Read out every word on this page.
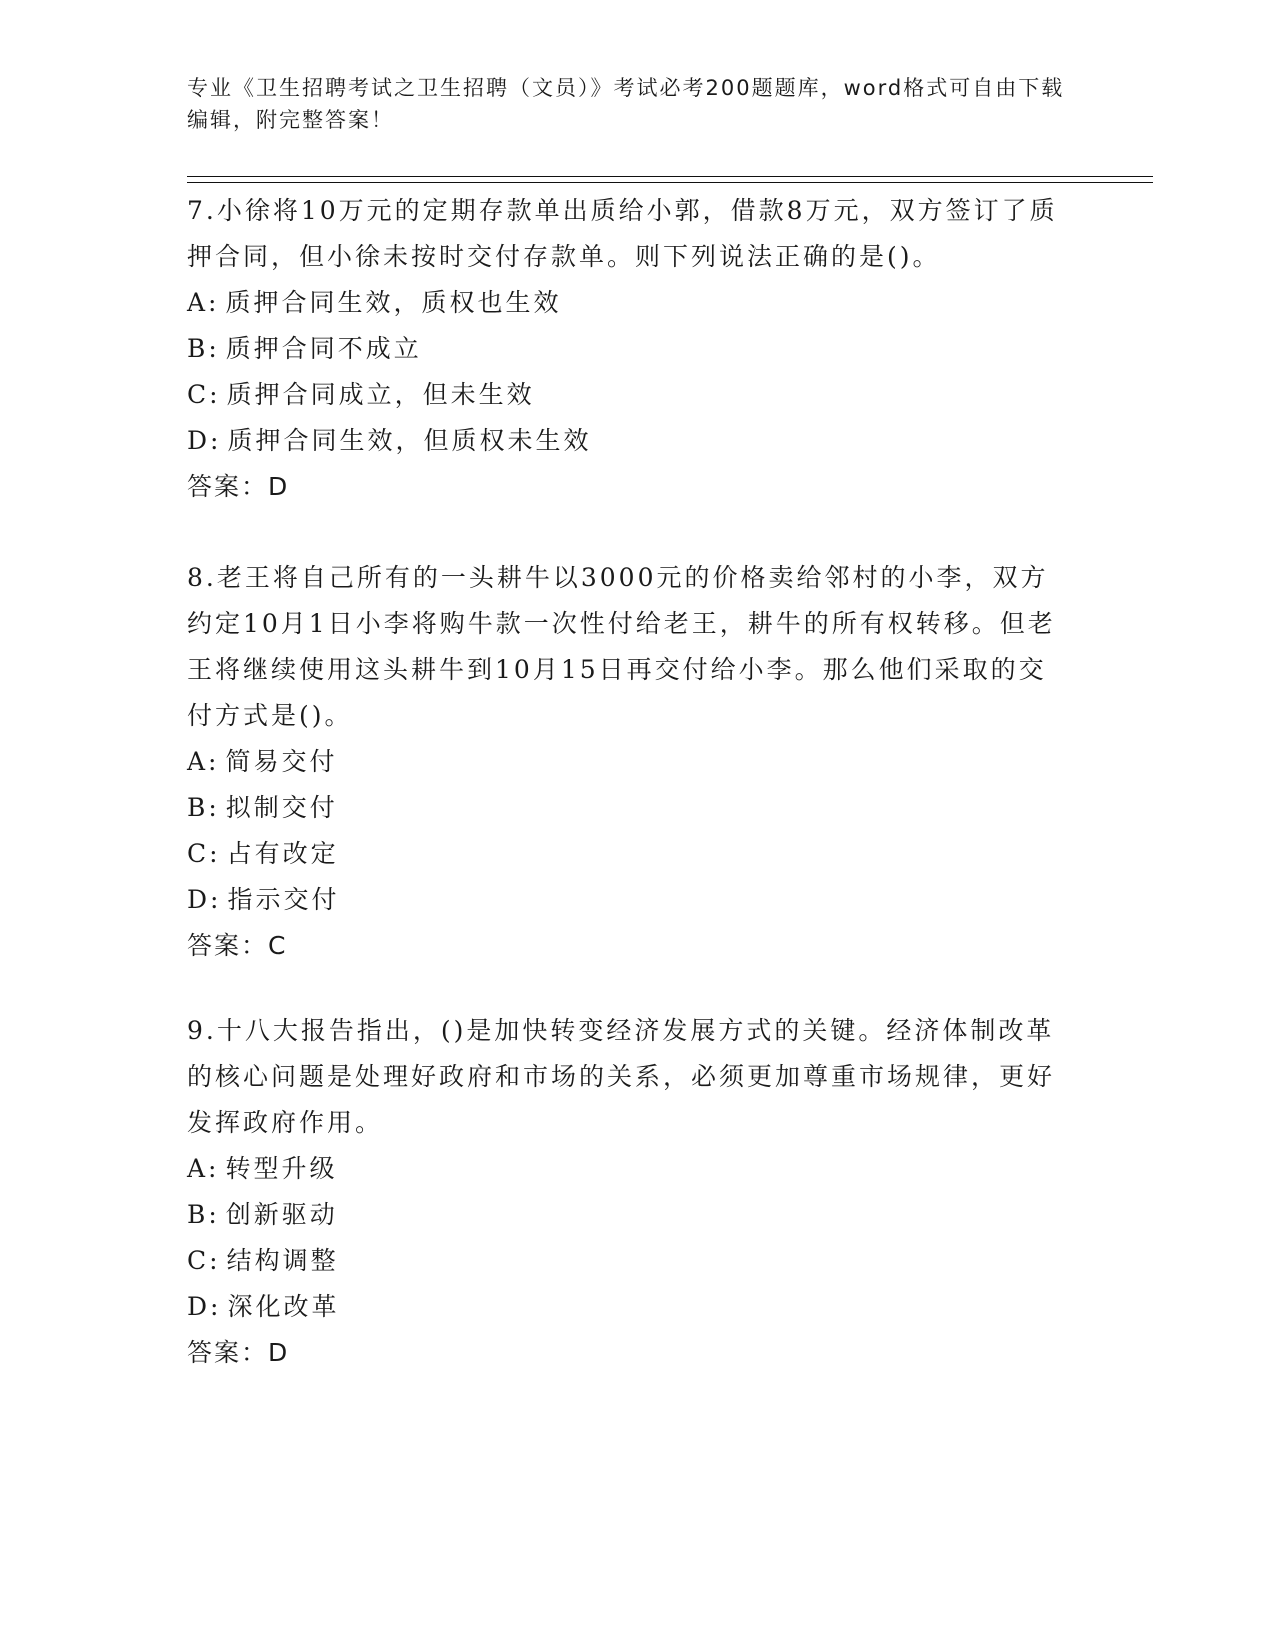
专业《卫生招聘考试之卫生招聘（文员）》考试必考200题题库，word格式可自由下载编辑，附完整答案！

7.小徐将10万元的定期存款单出质给小郭，借款8万元，双方签订了质押合同，但小徐未按时交付存款单。则下列说法正确的是()。

A: 质押合同生效，质权也生效

B: 质押合同不成立

C: 质押合同成立，但未生效

D: 质押合同生效，但质权未生效

答案：D

8.老王将自己所有的一头耕牛以3000元的价格卖给邻村的小李，双方约定10月1日小李将购牛款一次性付给老王，耕牛的所有权转移。但老王将继续使用这头耕牛到10月15日再交付给小李。那么他们采取的交付方式是()。

A: 简易交付

B: 拟制交付

C: 占有改定

D: 指示交付

答案：C

9.十八大报告指出，()是加快转变经济发展方式的关键。经济体制改革的核心问题是处理好政府和市场的关系，必须更加尊重市场规律，更好发挥政府作用。

A: 转型升级

B: 创新驱动

C: 结构调整

D: 深化改革

答案：D
